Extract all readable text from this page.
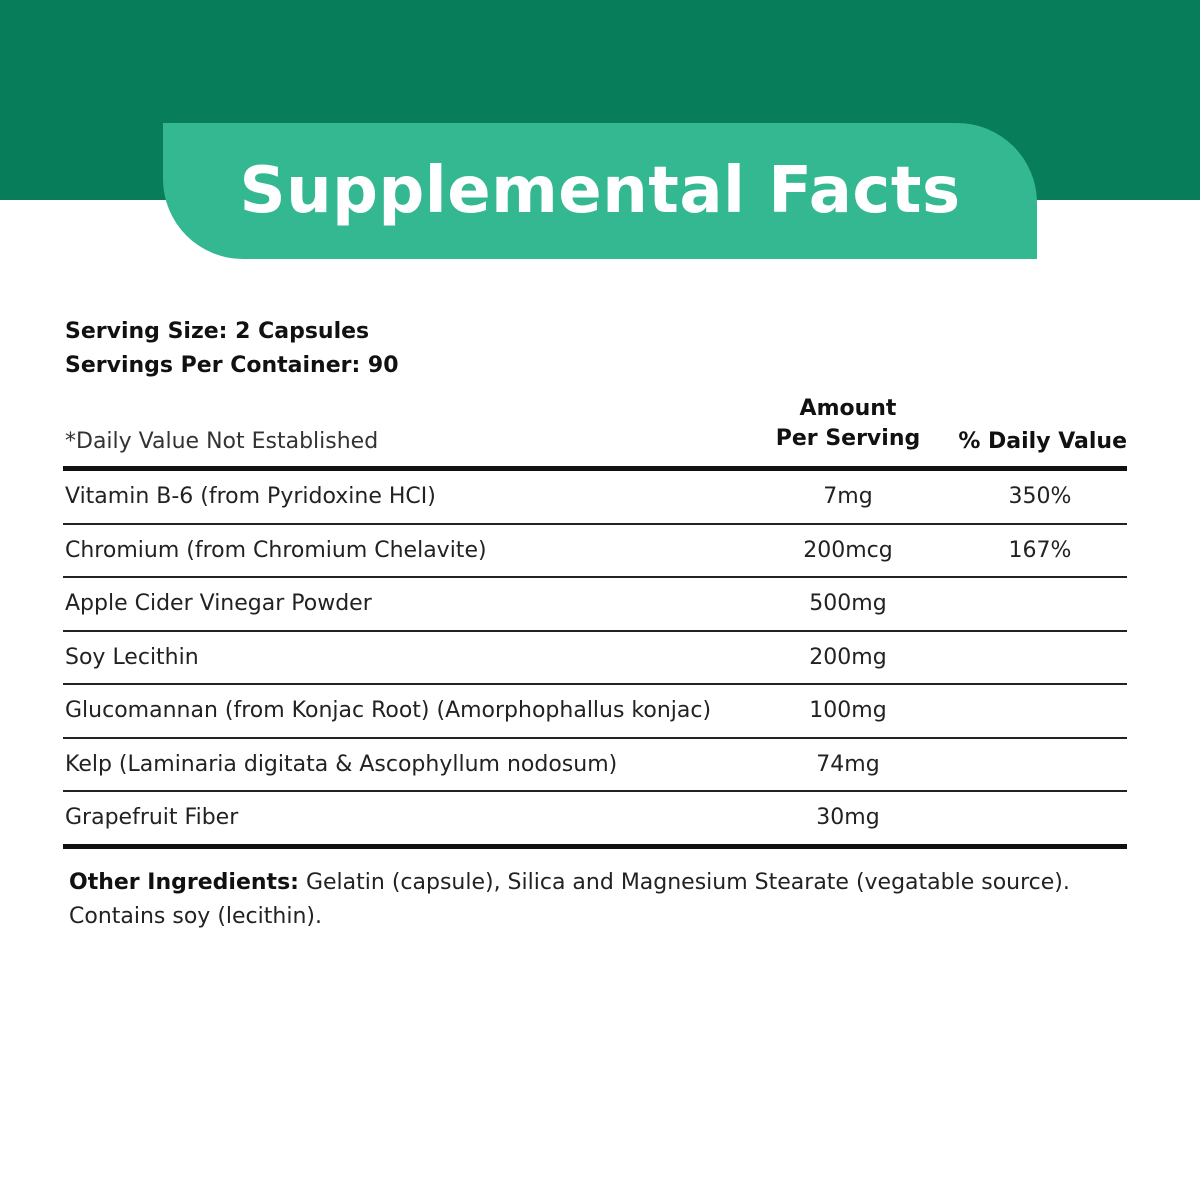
Supplemental Facts
Serving Size: 2 Capsules
Servings Per Container: 90
*Daily Value Not Established
Amount
Per Serving	% Daily Value
Vitamin B-6 (from Pyridoxine HCI)	7mg	350%
Chromium (from Chromium Chelavite)	200mcg	167%
Apple Cider Vinegar Powder	500mg
Soy Lecithin	200mg
Glucomannan (from Konjac Root) (Amorphophallus konjac)	100mg
Kelp (Laminaria digitata & Ascophyllum nodosum)	74mg
Grapefruit Fiber	30mg
Other Ingredients: Gelatin (capsule), Silica and Magnesium Stearate (vegatable source). Contains soy (lecithin).
